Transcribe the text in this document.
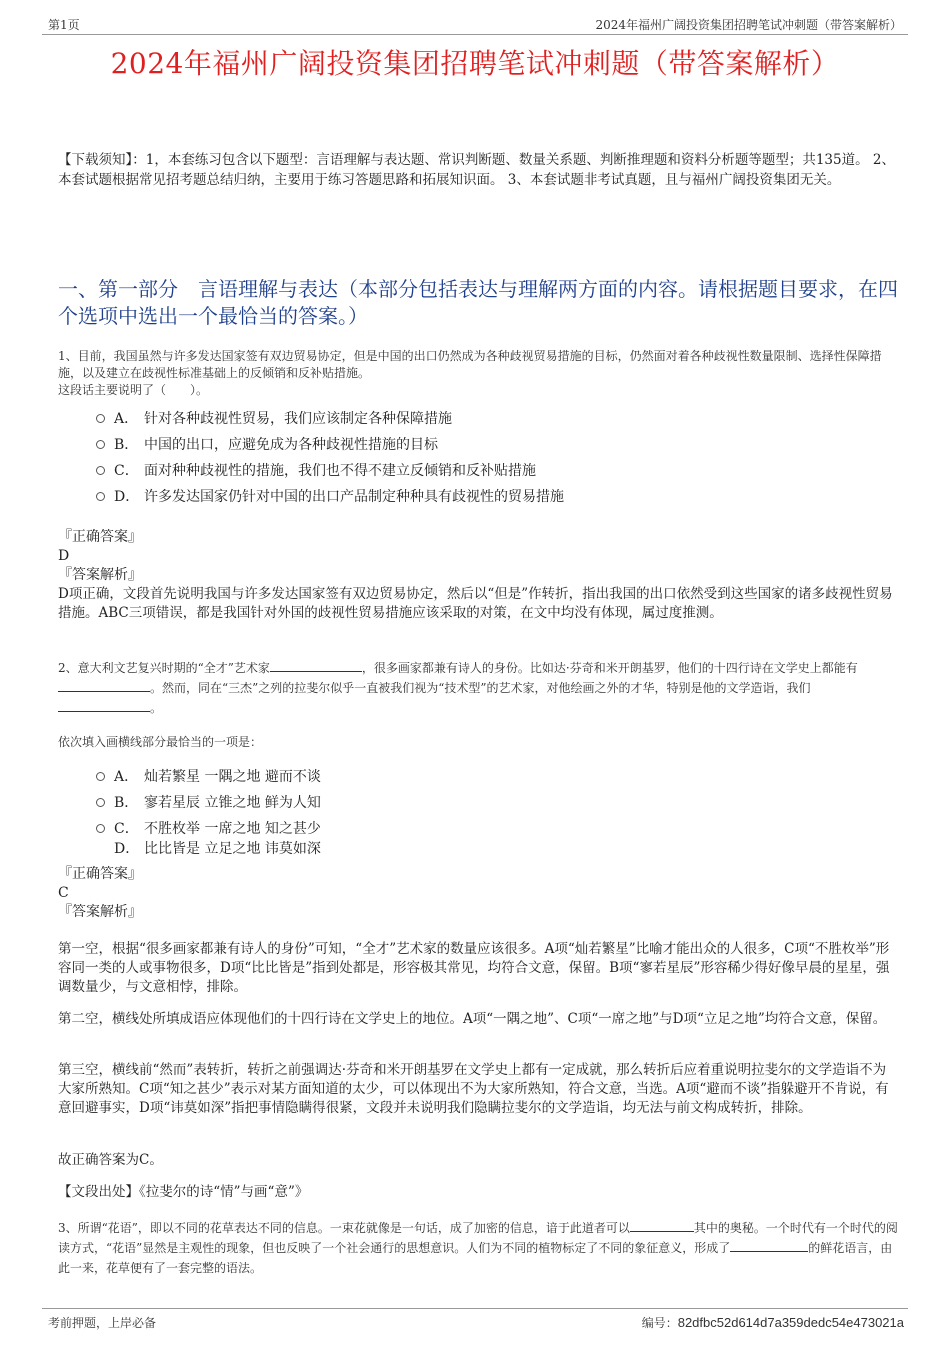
第1页	2024年福州广阔投资集团招聘笔试冲刺题（带答案解析）
2024年福州广阔投资集团招聘笔试冲刺题（带答案解析）
【下载须知】：1，本套练习包含以下题型：言语理解与表达题、常识判断题、数量关系题、判断推理题和资料分析题等题型；共135道。 2、本套试题根据常见招考题总结归纳，主要用于练习答题思路和拓展知识面。 3、本套试题非考试真题，且与福州广阔投资集团无关。
一、第一部分　言语理解与表达（本部分包括表达与理解两方面的内容。请根据题目要求，在四个选项中选出一个最恰当的答案。）

1、目前，我国虽然与许多发达国家签有双边贸易协定，但是中国的出口仍然成为各种歧视贸易措施的目标，仍然面对着各种歧视性数量限制、选择性保障措施，以及建立在歧视性标准基础上的反倾销和反补贴措施。

这段话主要说明了（　　）。

A． 针对各种歧视性贸易，我们应该制定各种保障措施
B． 中国的出口，应避免成为各种歧视性措施的目标
C． 面对种种歧视性的措施，我们也不得不建立反倾销和反补贴措施
D． 许多发达国家仍针对中国的出口产品制定种种具有歧视性的贸易措施

『正确答案』

D

『答案解析』

D项正确，文段首先说明我国与许多发达国家签有双边贸易协定，然后以“但是”作转折，指出我国的出口依然受到这些国家的诸多歧视性贸易措施。ABC三项错误，都是我国针对外国的歧视性贸易措施应该采取的对策，在文中均没有体现，属过度推测。

2、意大利文艺复兴时期的“全才”艺术家	，很多画家都兼有诗人的身份。比如达·芬奇和米开朗基罗，他们的十四行诗在文学史上都能有。然而，同在“三杰”之列的拉斐尔似乎一直被我们视为“技术型”的艺术家，对他绘画之外的才华，特别是他的文学造诣，我们。

依次填入画横线部分最恰当的一项是：
A． 灿若繁星 一隅之地 避而不谈
B． 寥若星辰 立锥之地 鲜为人知
C． 不胜枚举 一席之地 知之甚少
D． 比比皆是 立足之地 讳莫如深

『正确答案』

C

『答案解析』

第一空，根据“很多画家都兼有诗人的身份”可知，“全才”艺术家的数量应该很多。A项“灿若繁星”比喻才能出众的人很多，C项“不胜枚举”形容同一类的人或事物很多，D项“比比皆是”指到处都是，形容极其常见，均符合文意，保留。B项“寥若星辰”形容稀少得好像早晨的星星，强调数量少，与文意相悖，排除。
第二空，横线处所填成语应体现他们的十四行诗在文学史上的地位。A项“一隅之地”、C项“一席之地”与D项“立足之地”均符合文意，保留。
第三空，横线前“然而”表转折，转折之前强调达·芬奇和米开朗基罗在文学史上都有一定成就，那么转折后应着重说明拉斐尔的文学造诣不为大家所熟知。C项“知之甚少”表示对某方面知道的太少，可以体现出不为大家所熟知，符合文意，当选。A项“避而不谈”指躲避开不肯说，有意回避事实，D项“讳莫如深”指把事情隐瞒得很紧，文段并未说明我们隐瞒拉斐尔的文学造诣，均无法与前文构成转折，排除。
故正确答案为C。
【文段出处】《拉斐尔的诗“情”与画“意”》

3、所谓“花语”，即以不同的花草表达不同的信息。一束花就像是一句话，成了加密的信息，谙于此道者可以	其中的奥秘。一个时代有一个时代的阅读方式，“花语”显然是主观性的现象，但也反映了一个社会通行的思想意识。人们为不同的植物标定了不同的象征意义，形成了	的鲜花语言，由此一来，花草便有了一套完整的语法。

考前押题，上岸必备	编号：82dfbc52d614d7a359dedc54e473021a
